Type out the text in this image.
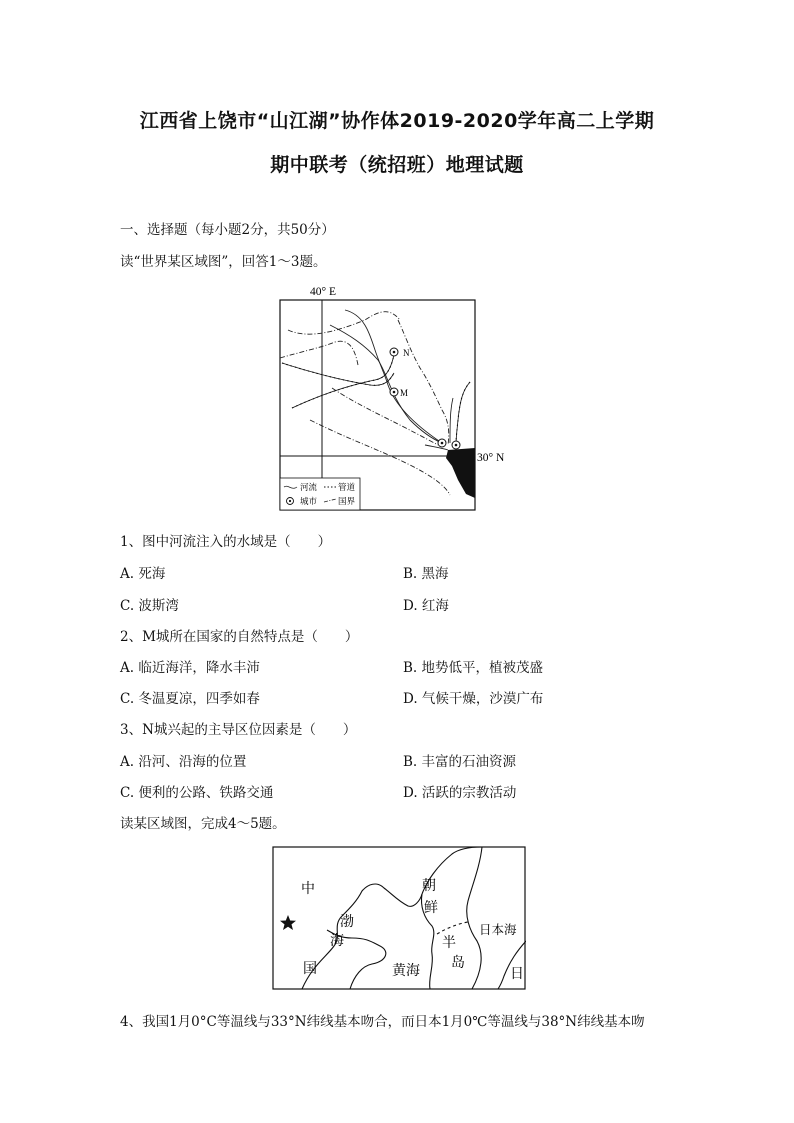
江西省上饶市“山江湖”协作体2019-2020学年高二上学期
期中联考（统招班）地理试题
一、选择题（每小题2分，共50分）
读“世界某区域图”，回答1～3题。
N
M
40° E
30° N
河流 管道
城市 国界
1、图中河流注入的水域是（　　）
A. 死海	B. 黑海
C. 波斯湾	D. 红海
2、M城所在国家的自然特点是（　　）
A. 临近海洋，降水丰沛	B. 地势低平，植被茂盛
C. 冬温夏凉，四季如春	D. 气候干燥，沙漠广布
3、N城兴起的主导区位因素是（　　）
A. 沿河、沿海的位置	B. 丰富的石油资源
C. 便利的公路、铁路交通	D. 活跃的宗教活动
读某区域图，完成4～5题。
中
国
渤
海
黄海
朝
鲜
半
岛
日本海
日
4、我国1月0°C等温线与33°N纬线基本吻合，而日本1月0℃等温线与38°N纬线基本吻
